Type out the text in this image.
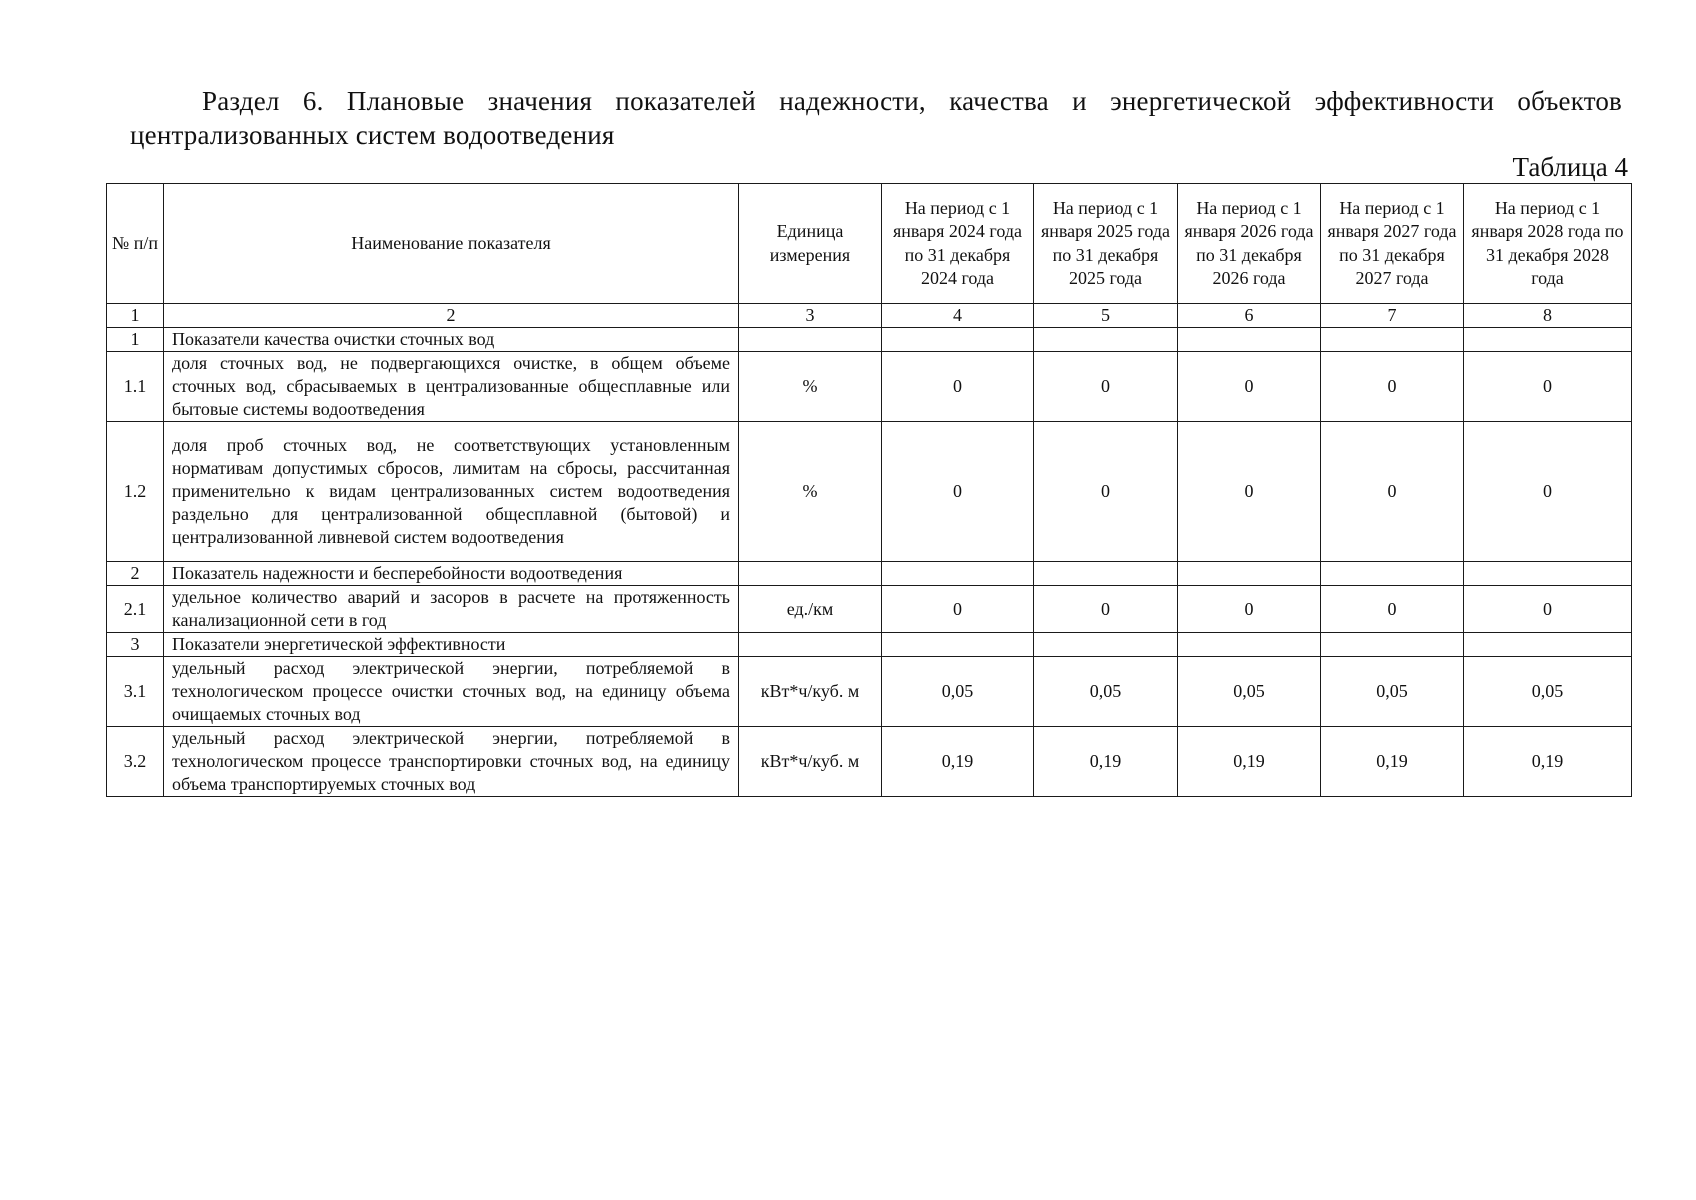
Раздел 6. Плановые значения показателей надежности, качества и энергетической эффективности объектов централизованных систем водоотведения
Таблица 4
№ п/п	Наименование показателя	Единица измерения	На период с 1 января 2024 года по 31 декабря 2024 года	На период с 1 января 2025 года по 31 декабря 2025 года	На период с 1 января 2026 года по 31 декабря 2026 года	На период с 1 января 2027 года по 31 декабря 2027 года	На период с 1 января 2028 года по 31 декабря 2028 года
1	2	3	4	5	6	7	8
1	Показатели качества очистки сточных вод						
1.1	доля сточных вод, не подвергающихся очистке, в общем объеме сточных вод, сбрасываемых в централизованные общесплавные или бытовые системы водоотведения	%	0	0	0	0	0
1.2	доля проб сточных вод, не соответствующих установленным нормативам допустимых сбросов, лимитам на сбросы, рассчитанная применительно к видам централизованных систем водоотведения раздельно для централизованной общесплавной (бытовой) и централизованной ливневой систем водоотведения	%	0	0	0	0	0
2	Показатель надежности и бесперебойности водоотведения						
2.1	удельное количество аварий и засоров в расчете на протяженность канализационной сети в год	ед./км	0	0	0	0	0
3	Показатели энергетической эффективности						
3.1	удельный расход электрической энергии, потребляемой в технологическом процессе очистки сточных вод, на единицу объема очищаемых сточных вод	кВт*ч/куб. м	0,05	0,05	0,05	0,05	0,05
3.2	удельный расход электрической энергии, потребляемой в технологическом процессе транспортировки сточных вод, на единицу объема транспортируемых сточных вод	кВт*ч/куб. м	0,19	0,19	0,19	0,19	0,19
